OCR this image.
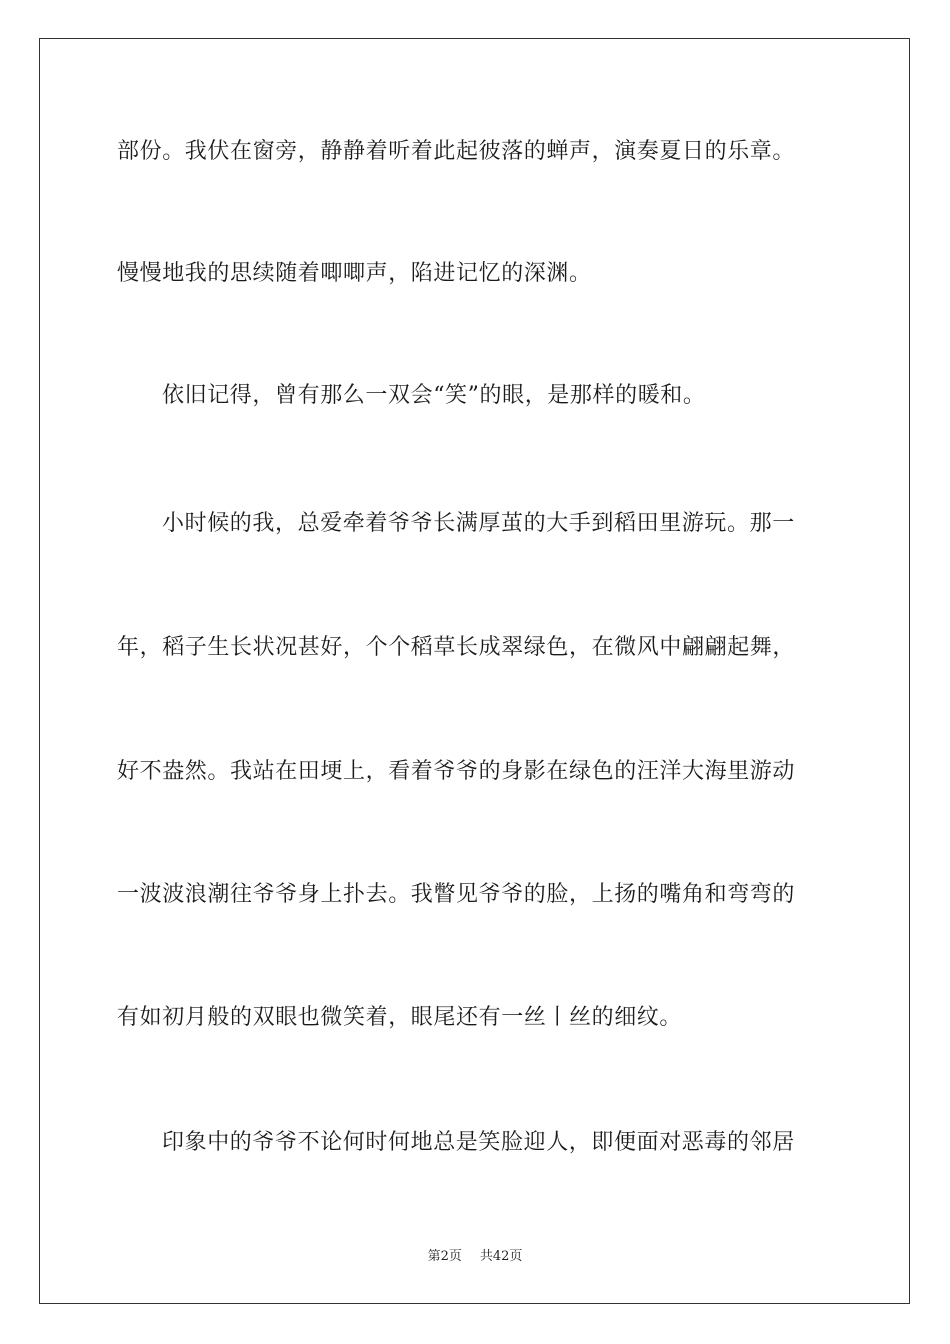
部份。我伏在窗旁，静静着听着此起彼落的蝉声，演奏夏日的乐章。
慢慢地我的思续随着唧唧声，陷进记忆的深渊。
依旧记得，曾有那么一双会“笑”的眼，是那样的暖和。
小时候的我，总爱牵着爷爷长满厚茧的大手到稻田里游玩。那一
年，稻子生长状况甚好，个个稻草长成翠绿色，在微风中翩翩起舞，
好不盎然。我站在田埂上，看着爷爷的身影在绿色的汪洋大海里游动
一波波浪潮往爷爷身上扑去。我瞥见爷爷的脸，上扬的嘴角和弯弯的
有如初月般的双眼也微笑着，眼尾还有一丝丨丝的细纹。
印象中的爷爷不论何时何地总是笑脸迎人，即便面对恶毒的邻居
第2页 共42页
